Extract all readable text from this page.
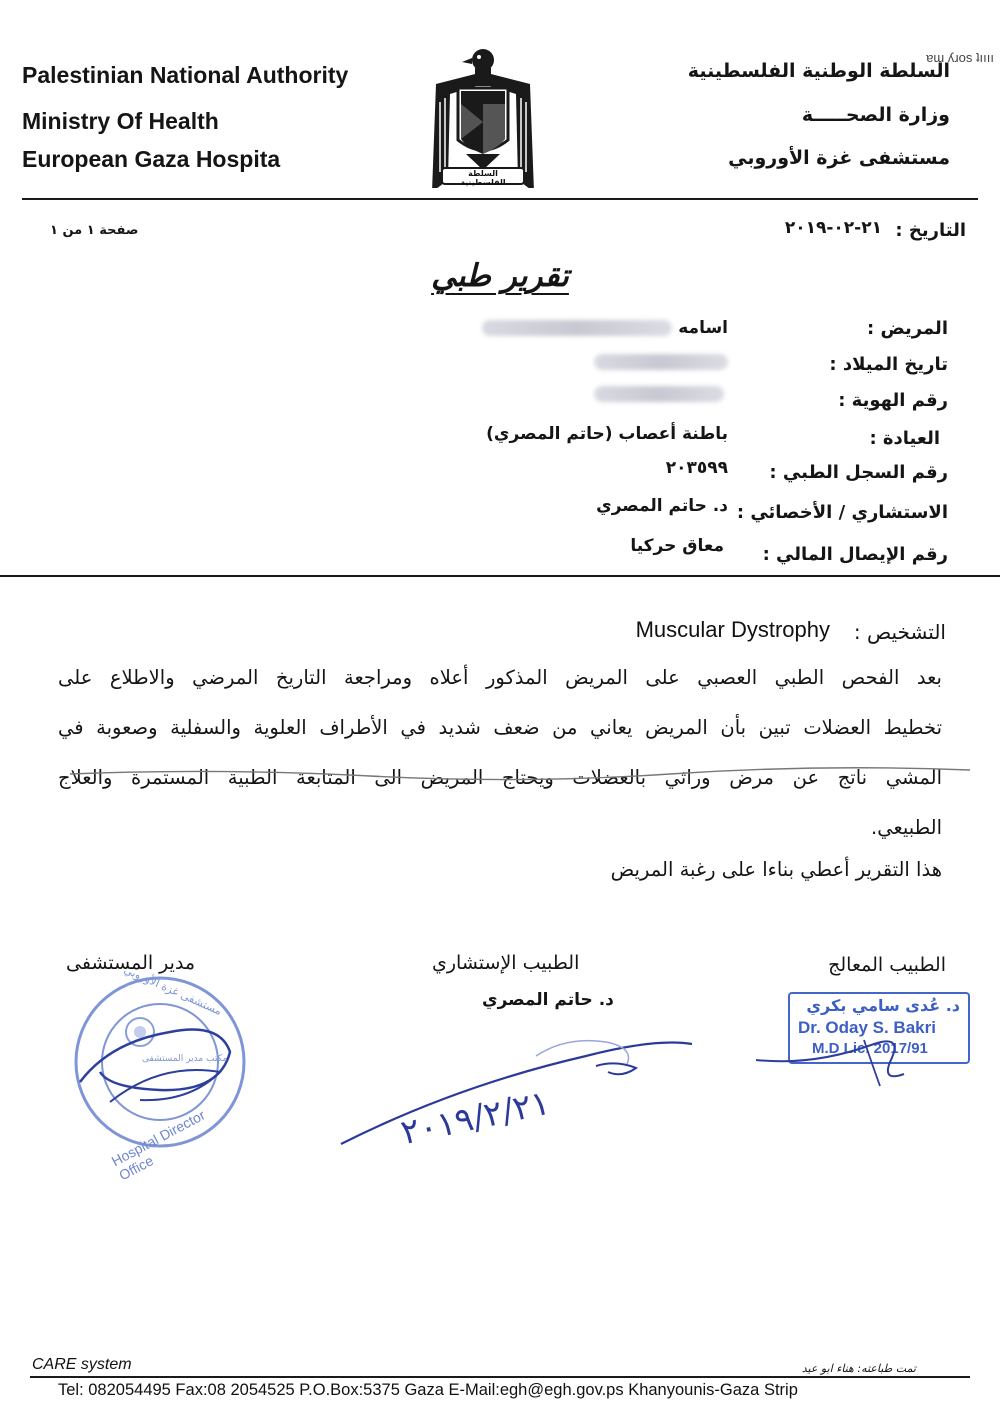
ɐɯ ʎɹos ʇıııı
Palestinian National Authority
Ministry Of Health
European Gaza Hospita
السلطة الفلسطينية
السلطة الوطنية الفلسطينية
وزارة الصحـــــة
مستشفى غزة الأوروبي
التاريخ :
٢١-٠٢-٢٠١٩
صفحة ١ من ١
تقرير طبي
المريض :
اسامه
تاريخ الميلاد :
رقم الهوية :
العيادة :
باطنة أعصاب (حاتم المصري)
رقم السجل الطبي :
٢٠٣٥٩٩
الاستشاري / الأخصائي :
د. حاتم المصري
رقم الإيصال المالي :
معاق حركيا
التشخيص :
Muscular Dystrophy
بعد الفحص الطبي العصبي على المريض المذكور أعلاه ومراجعة التاريخ المرضي والاطلاع على
تخطيط العضلات تبين بأن المريض يعاني من ضعف شديد في الأطراف العلوية والسفلية وصعوبة في
المشي ناتج عن مرض وراثي بالعضلات ويحتاج المريض الى المتابعة الطبية المستمرة والعلاج
الطبيعي.
هذا التقرير أعطي بناءا على رغبة المريض
مدير المستشفى	الطبيب الإستشاري
د. حاتم المصري
الطبيب المعالج
Hospital Director Office
مستشفى غزة الأوروبي
مكتب مدير المستشفى
٢٠١٩/٢/٢١
د. عُدى سامي بكري
Dr. Oday S. Bakri
M.D Lic. 2017/91
CARE system	تمت طباعته: هناء ابو عيد
Tel: 082054495 Fax:08 2054525 P.O.Box:5375 Gaza E-Mail:egh@egh.gov.ps Khanyounis-Gaza Strip
